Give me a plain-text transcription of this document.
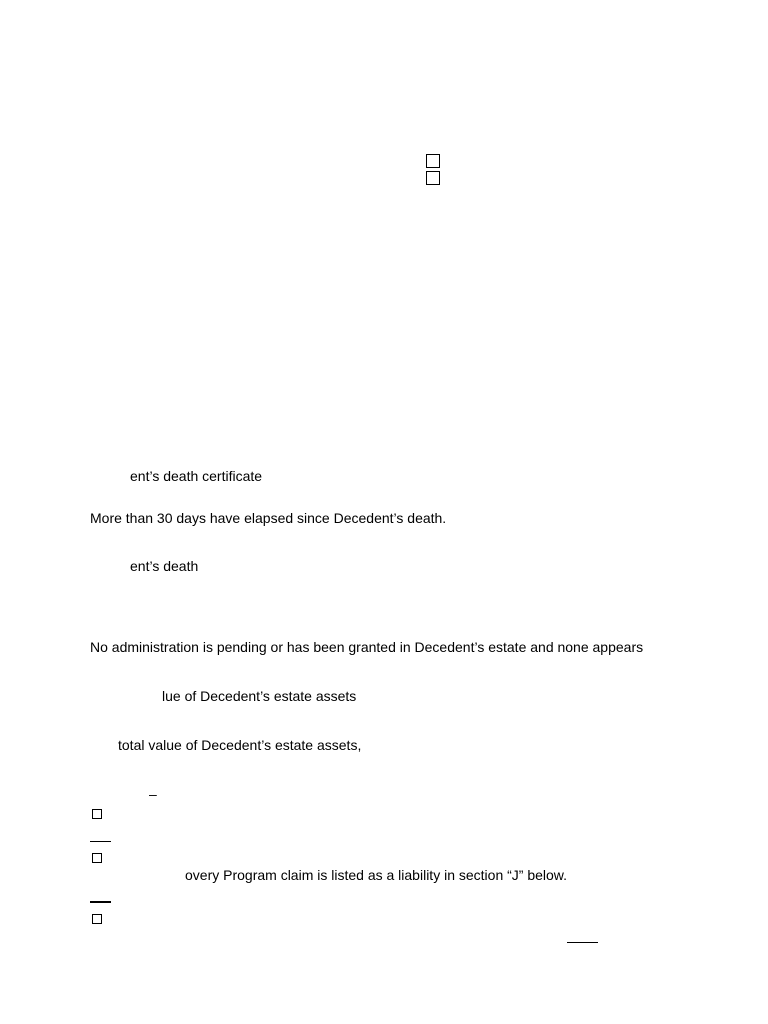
ent’s death certificate
More than 30 days have elapsed since Decedent’s death.
ent’s death
No administration is pending or has been granted in Decedent’s estate and none appears
lue of Decedent’s estate assets
total value of Decedent’s estate assets,
–
overy Program claim is listed as a liability in section “J” below.
